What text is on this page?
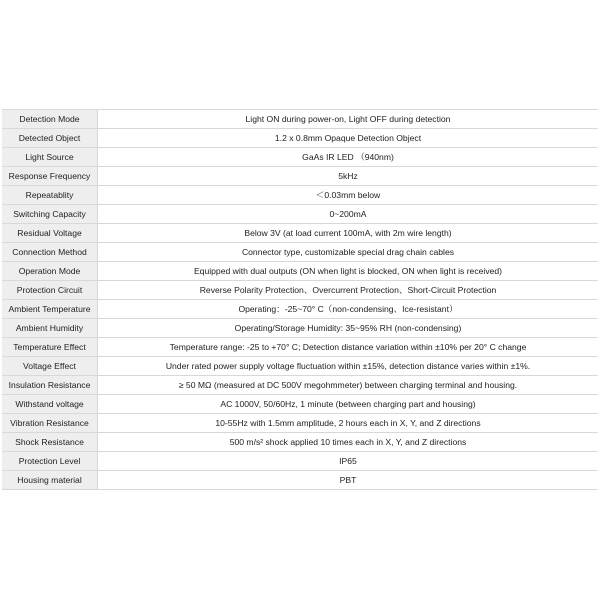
Detection Mode	Light ON during power-on, Light OFF during detection
Detected Object	1.2 x 0.8mm Opaque Detection Object
Light Source	GaAs IR LED （940nm)
Response Frequency	5kHz
Repeatablity	＜0.03mm below
Switching Capacity	0~200mA
Residual Voltage	Below 3V (at load current 100mA, with 2m wire length)
Connection Method	Connector type, customizable special drag chain cables
Operation Mode	Equipped with dual outputs (ON when light is blocked, ON when light is received)
Protection Circuit	Reverse Polarity Protection、Overcurrent Protection、Short-Circuit Protection
Ambient Temperature	Operating：-25~70° C（non-condensing、Ice-resistant）
Ambient Humidity	Operating/Storage Humidity: 35~95% RH (non-condensing)
Temperature Effect	Temperature range: -25 to +70° C; Detection distance variation within ±10% per 20° C change
Voltage Effect	Under rated power supply voltage fluctuation within ±15%, detection distance varies within ±1%.
Insulation Resistance	≥ 50 MΩ (measured at DC 500V megohmmeter) between charging terminal and housing.
Withstand voltage	AC 1000V, 50/60Hz, 1 minute (between charging part and housing)
Vibration Resistance	10-55Hz with 1.5mm amplitude, 2 hours each in X, Y, and Z directions
Shock Resistance	500 m/s² shock applied 10 times each in X, Y, and Z directions
Protection Level	IP65
Housing material	PBT
